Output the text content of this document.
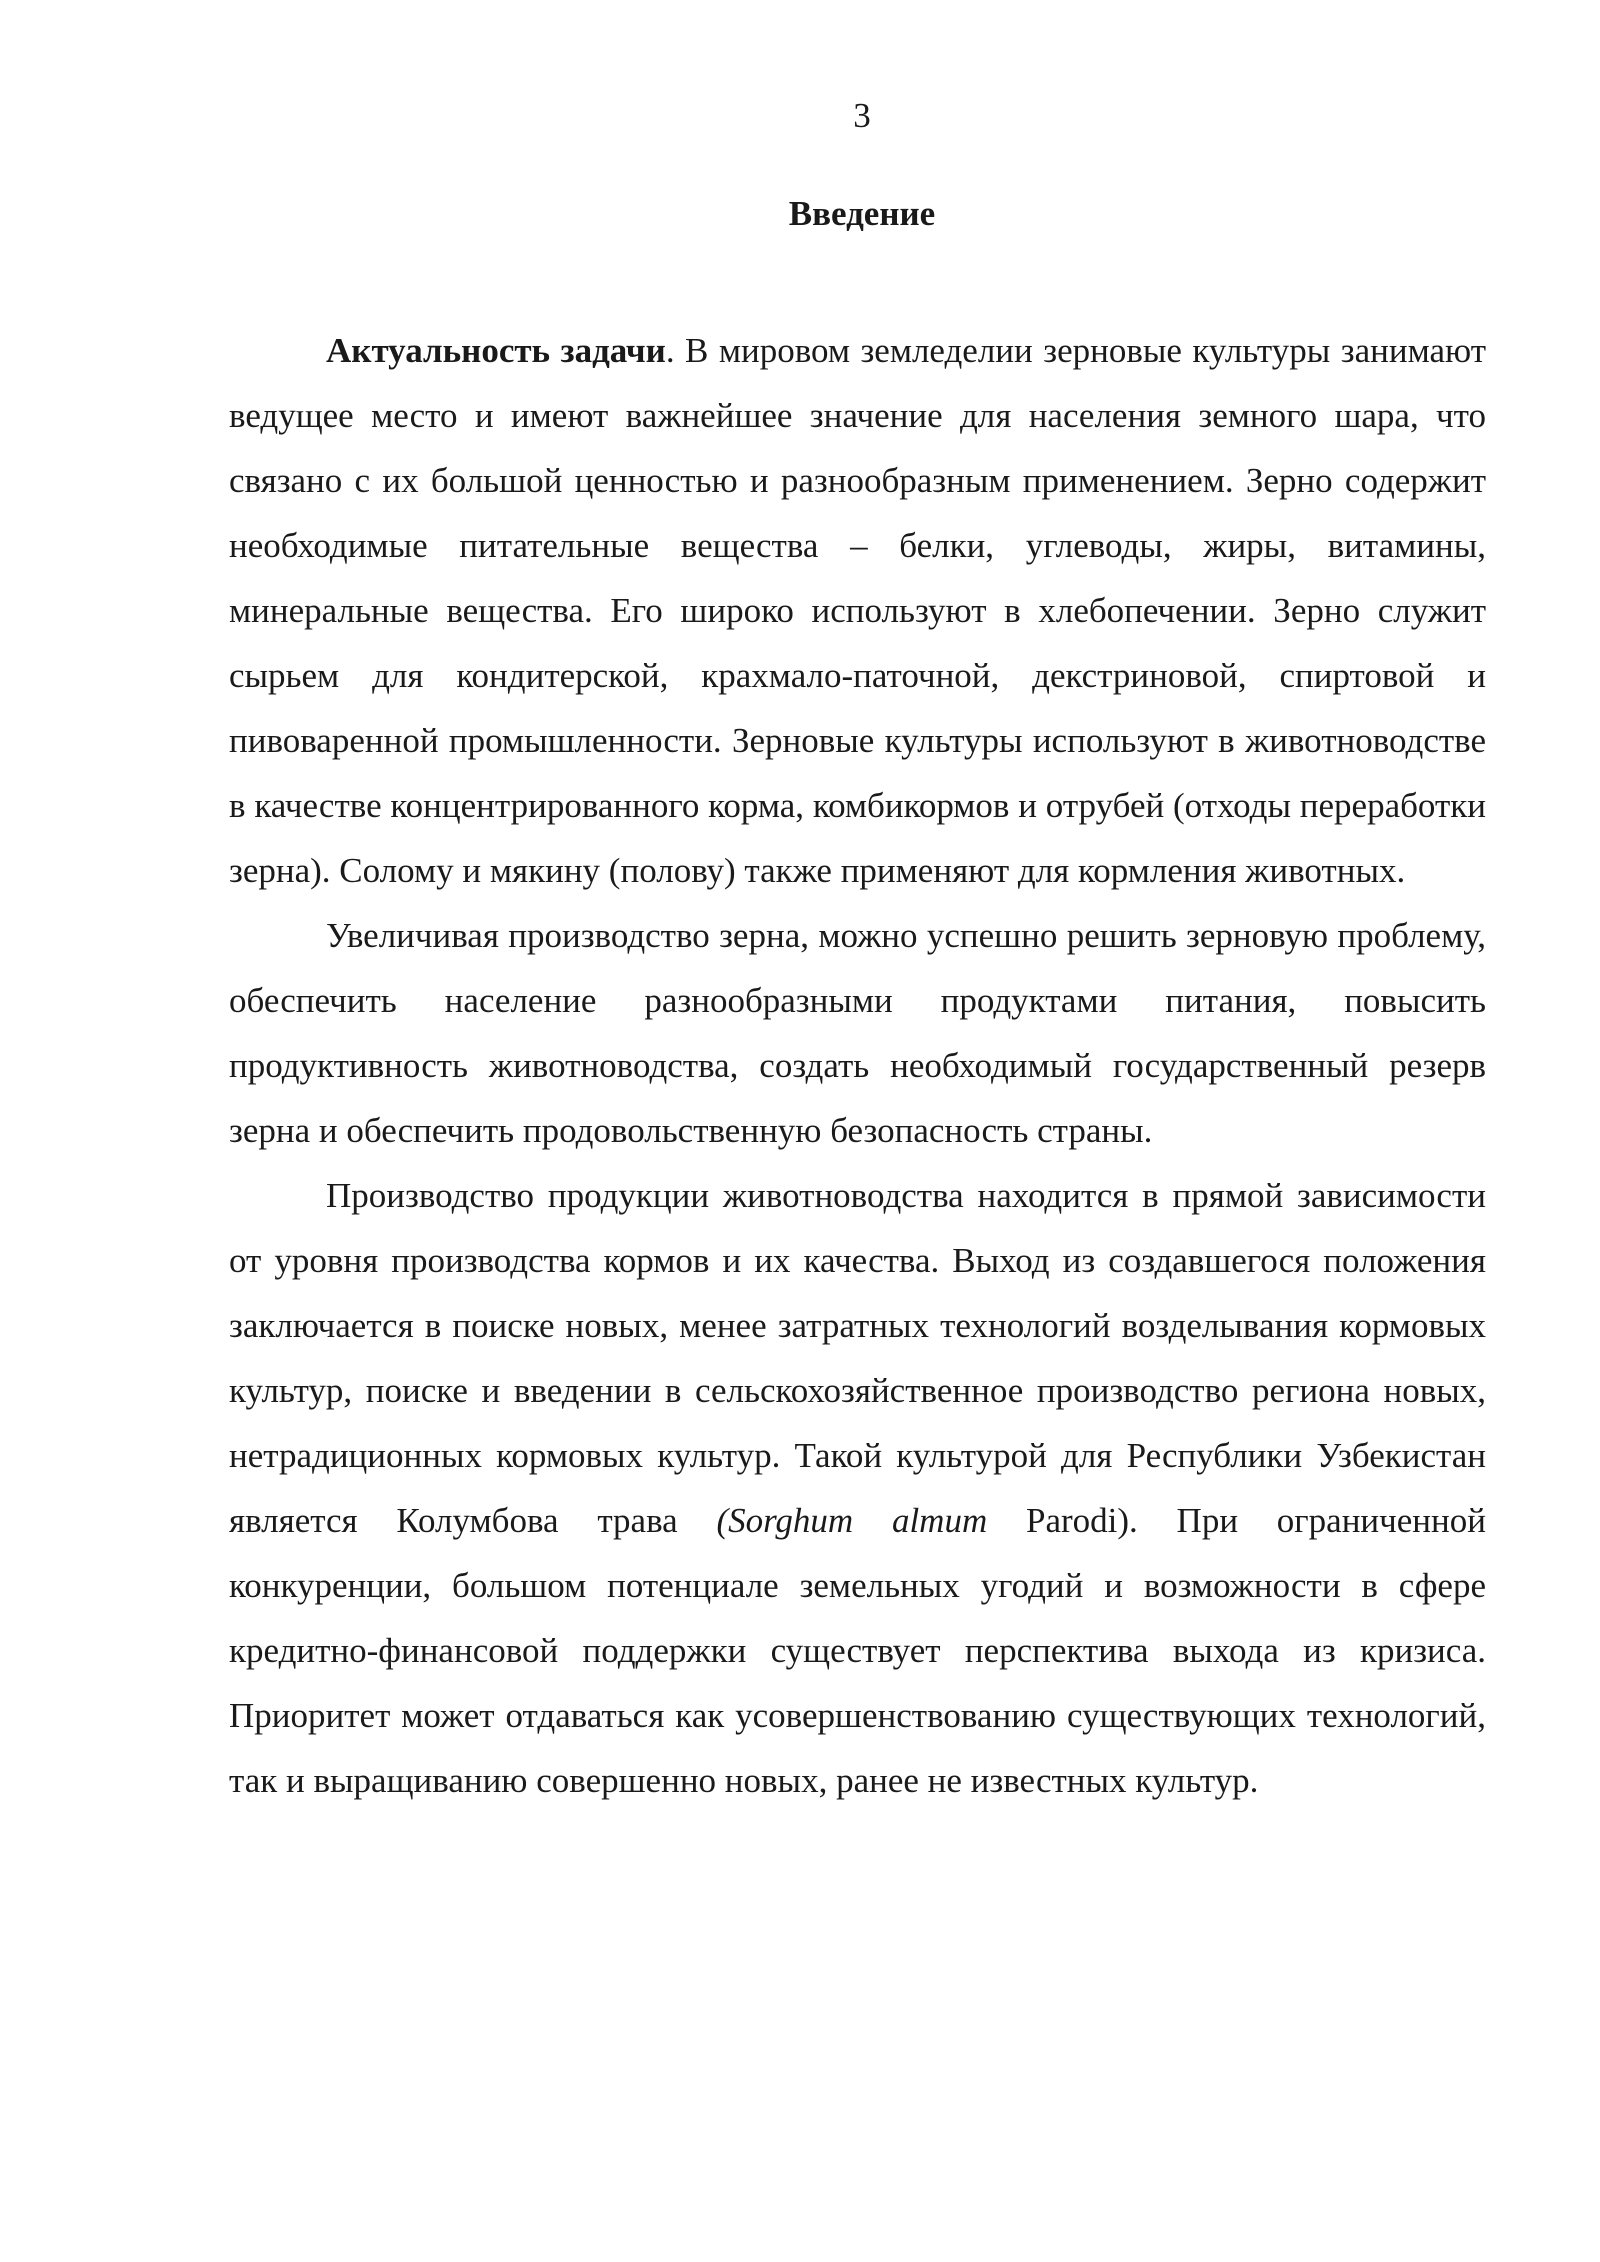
3
Введение

Актуальность задачи. В мировом земледелии зерновые культуры занимают ведущее место и имеют важнейшее значение для населения земного шара, что связано с их большой ценностью и разнообразным применением. Зерно содержит необходимые питательные вещества – белки, углеводы, жиры, витамины, минеральные вещества. Его широко используют в хлебопечении. Зерно служит сырьем для кондитерской, крахмало-паточной, декстриновой, спиртовой и пивоваренной промышленности. Зерновые культуры используют в животноводстве в качестве концентрированного корма, комбикормов и отрубей (отходы переработки зерна). Солому и мякину (полову) также применяют для кормления животных.

Увеличивая производство зерна, можно успешно решить зерновую проблему, обеспечить население разнообразными продуктами питания, повысить продуктивность животноводства, создать необходимый государственный резерв зерна и обеспечить продовольственную безопасность страны.

Производство продукции животноводства находится в прямой зависимости от уровня производства кормов и их качества. Выход из создавшегося положения заключается в поиске новых, менее затратных технологий возделывания кормовых культур, поиске и введении в сельскохозяйственное производство региона новых, нетрадиционных кормовых культур. Такой культурой для Республики Узбекистан является Колумбова трава (Sorghum almum Parodi). При ограниченной конкуренции, большом потенциале земельных угодий и возможности в сфере кредитно-финансовой поддержки существует перспектива выхода из кризиса. Приоритет может отдаваться как усовершенствованию существующих технологий, так и выращиванию совершенно новых, ранее не известных культур.
